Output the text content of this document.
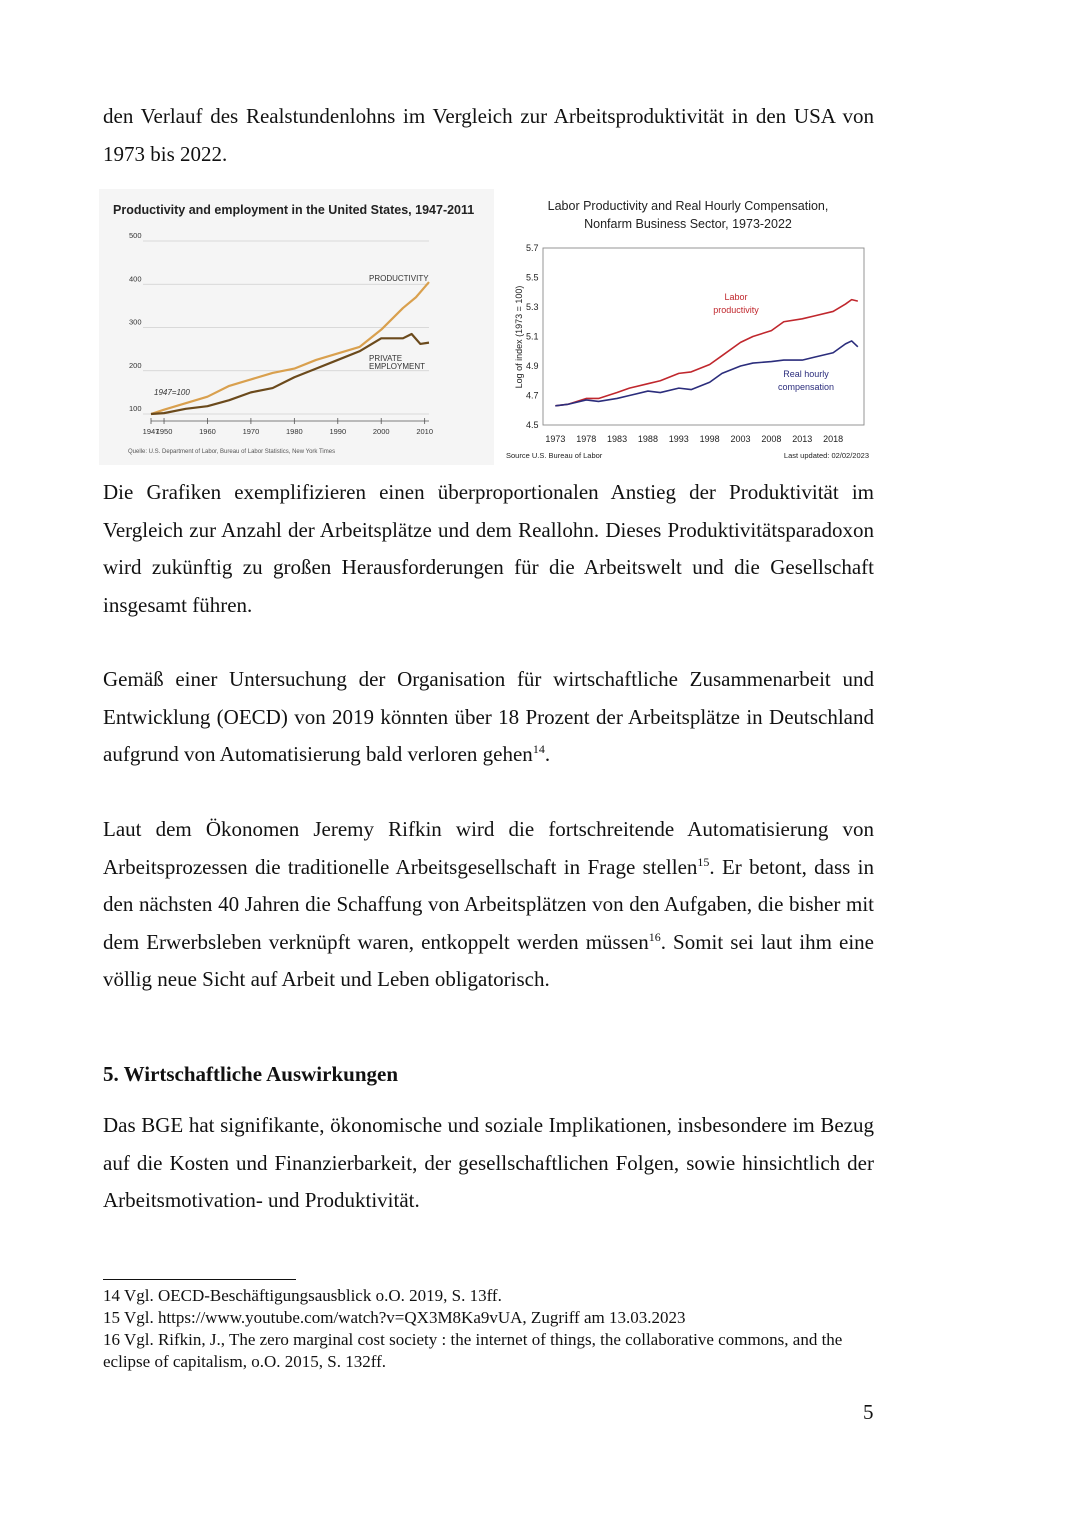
den Verlauf des Realstundenlohns im Vergleich zur Arbeitsproduktivität in den USA von 1973 bis 2022.

Productivity and employment in the United States, 1947-2011
100
200
300
400
500
1947
1950	1960	1970	1980	1990	2000	2010
PRODUCTIVITY
PRIVATE
EMPLOYMENT
1947=100
Quelle: U.S. Department of Labor, Bureau of Labor Statistics, New York Times
Labor Productivity and Real Hourly Compensation,
Nonfarm Business Sector, 1973-2022
Log of index (1973 = 100)
4.5
4.7
4.9
5.1
5.3
5.5
5.7
1973 1978 1983 1988 1993 1998 2003 2008 2013 2018
Labor
productivity
Real hourly
compensation
Source U.S. Bureau of Labor	Last updated: 02/02/2023

Die Grafiken exemplifizieren einen überproportionalen Anstieg der Produktivität im Vergleich zur Anzahl der Arbeitsplätze und dem Reallohn. Dieses Produktivitätsparadoxon wird zukünftig zu großen Herausforderungen für die Arbeitswelt und die Gesellschaft insgesamt führen.

Gemäß einer Untersuchung der Organisation für wirtschaftliche Zusammenarbeit und Entwicklung (OECD) von 2019 könnten über 18 Prozent der Arbeitsplätze in Deutschland aufgrund von Automatisierung bald verloren gehen$^{14}$.

Laut dem Ökonomen Jeremy Rifkin wird die fortschreitende Automatisierung von Arbeitsprozessen die traditionelle Arbeitsgesellschaft in Frage stellen$^{15}$. Er betont, dass in den nächsten 40 Jahren die Schaffung von Arbeitsplätzen von den Aufgaben, die bisher mit dem Erwerbsleben verknüpft waren, entkoppelt werden müssen$^{16}$. Somit sei laut ihm eine völlig neue Sicht auf Arbeit und Leben obligatorisch.

5. Wirtschaftliche Auswirkungen

Das BGE hat signifikante, ökonomische und soziale Implikationen, insbesondere im Bezug auf die Kosten und Finanzierbarkeit, der gesellschaftlichen Folgen, sowie hinsichtlich der Arbeitsmotivation- und Produktivität.

14 Vgl. OECD-Beschäftigungsausblick o.O. 2019, S. 13ff.
15 Vgl. https://www.youtube.com/watch?v=QX3M8Ka9vUA, Zugriff am 13.03.2023
16 Vgl. Rifkin, J., The zero marginal cost society : the internet of things, the collaborative commons, and the eclipse of capitalism, o.O. 2015, S. 132ff.
5
